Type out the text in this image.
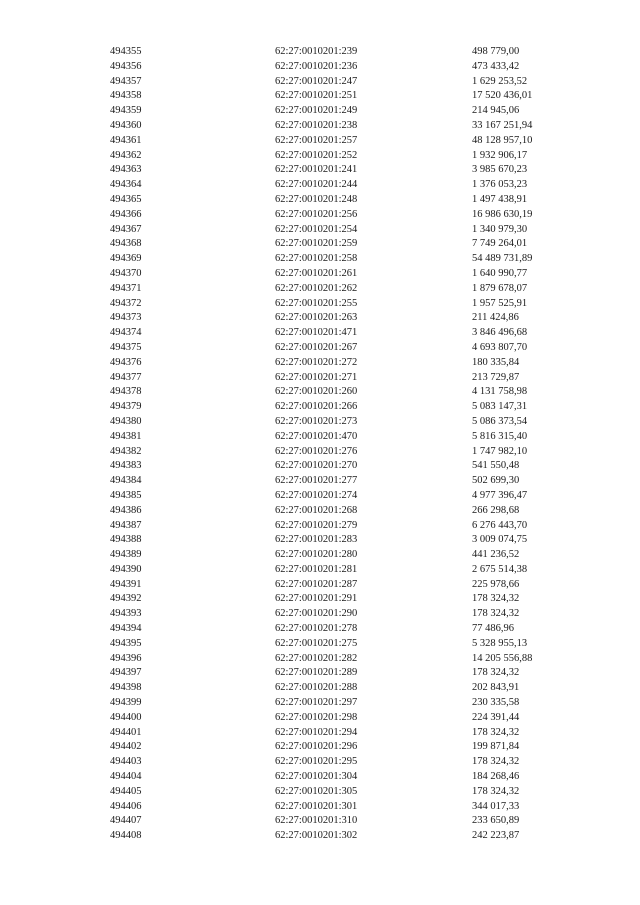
494355	62:27:0010201:239	498 779,00
494356	62:27:0010201:236	473 433,42
494357	62:27:0010201:247	1 629 253,52
494358	62:27:0010201:251	17 520 436,01
494359	62:27:0010201:249	214 945,06
494360	62:27:0010201:238	33 167 251,94
494361	62:27:0010201:257	48 128 957,10
494362	62:27:0010201:252	1 932 906,17
494363	62:27:0010201:241	3 985 670,23
494364	62:27:0010201:244	1 376 053,23
494365	62:27:0010201:248	1 497 438,91
494366	62:27:0010201:256	16 986 630,19
494367	62:27:0010201:254	1 340 979,30
494368	62:27:0010201:259	7 749 264,01
494369	62:27:0010201:258	54 489 731,89
494370	62:27:0010201:261	1 640 990,77
494371	62:27:0010201:262	1 879 678,07
494372	62:27:0010201:255	1 957 525,91
494373	62:27:0010201:263	211 424,86
494374	62:27:0010201:471	3 846 496,68
494375	62:27:0010201:267	4 693 807,70
494376	62:27:0010201:272	180 335,84
494377	62:27:0010201:271	213 729,87
494378	62:27:0010201:260	4 131 758,98
494379	62:27:0010201:266	5 083 147,31
494380	62:27:0010201:273	5 086 373,54
494381	62:27:0010201:470	5 816 315,40
494382	62:27:0010201:276	1 747 982,10
494383	62:27:0010201:270	541 550,48
494384	62:27:0010201:277	502 699,30
494385	62:27:0010201:274	4 977 396,47
494386	62:27:0010201:268	266 298,68
494387	62:27:0010201:279	6 276 443,70
494388	62:27:0010201:283	3 009 074,75
494389	62:27:0010201:280	441 236,52
494390	62:27:0010201:281	2 675 514,38
494391	62:27:0010201:287	225 978,66
494392	62:27:0010201:291	178 324,32
494393	62:27:0010201:290	178 324,32
494394	62:27:0010201:278	77 486,96
494395	62:27:0010201:275	5 328 955,13
494396	62:27:0010201:282	14 205 556,88
494397	62:27:0010201:289	178 324,32
494398	62:27:0010201:288	202 843,91
494399	62:27:0010201:297	230 335,58
494400	62:27:0010201:298	224 391,44
494401	62:27:0010201:294	178 324,32
494402	62:27:0010201:296	199 871,84
494403	62:27:0010201:295	178 324,32
494404	62:27:0010201:304	184 268,46
494405	62:27:0010201:305	178 324,32
494406	62:27:0010201:301	344 017,33
494407	62:27:0010201:310	233 650,89
494408	62:27:0010201:302	242 223,87
